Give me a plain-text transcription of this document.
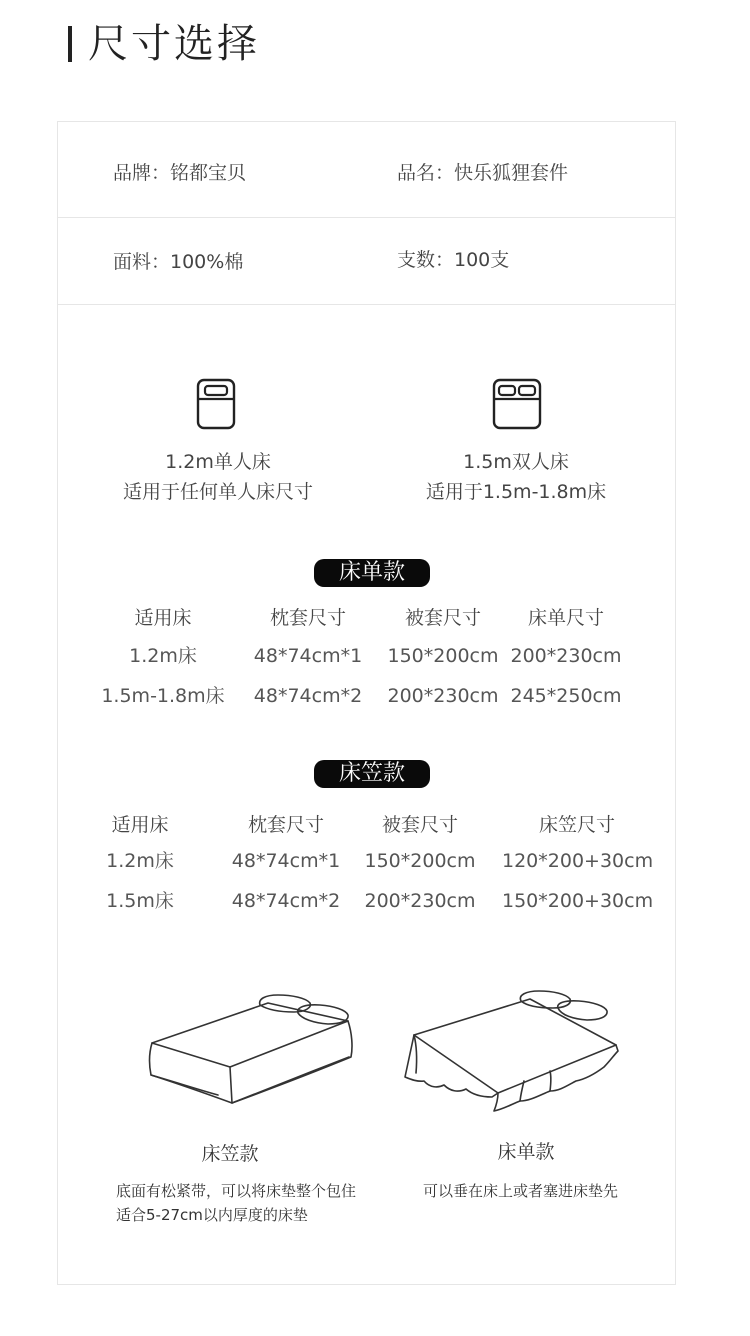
尺寸选择
品牌：铭都宝贝	品名：快乐狐狸套件
面料：100%棉	支数：100支
1.2m单人床
适用于任何单人床尺寸
1.5m双人床
适用于1.5m-1.8m床
床单款
适用床	枕套尺寸	被套尺寸	床单尺寸
1.2m床	48*74cm*1	150*200cm 200*230cm
1.5m-1.8m床	48*74cm*2	200*230cm 245*250cm
床笠款
适用床	枕套尺寸	被套尺寸	床笠尺寸
1.2m床	48*74cm*1	150*200cm 120*200+30cm
1.5m床	48*74cm*2	200*230cm 150*200+30cm
床笠款	床单款
底面有松紧带，可以将床垫整个包住
适合5-27cm以内厚度的床垫
可以垂在床上或者塞进床垫先
